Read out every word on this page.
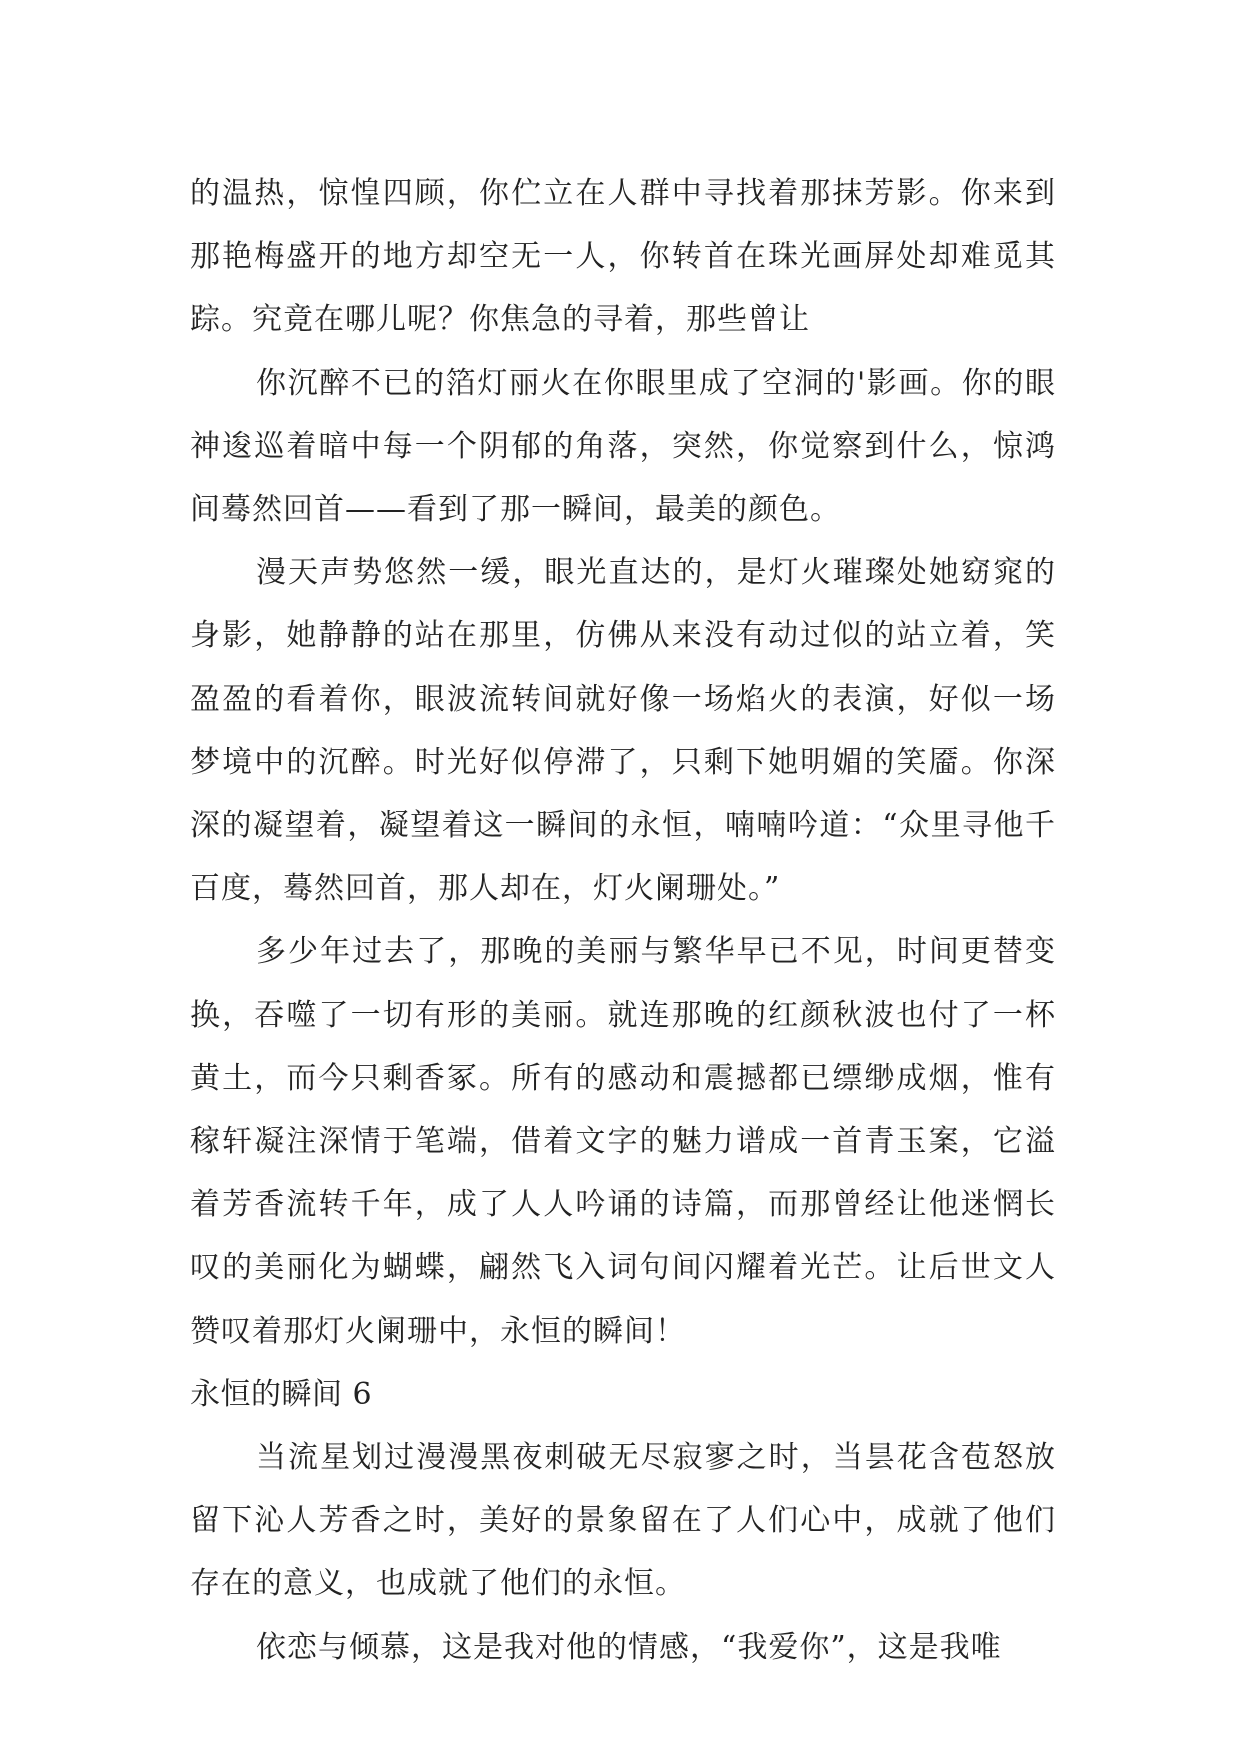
的温热，惊惶四顾，你伫立在人群中寻找着那抹芳影。你来到那艳梅盛开的地方却空无一人，你转首在珠光画屏处却难觅其踪。究竟在哪儿呢？你焦急的寻着，那些曾让

你沉醉不已的箔灯丽火在你眼里成了空洞的'影画。你的眼神逡巡着暗中每一个阴郁的角落，突然，你觉察到什么，惊鸿间蓦然回首——看到了那一瞬间，最美的颜色。

漫天声势悠然一缓，眼光直达的，是灯火璀璨处她窈窕的身影，她静静的站在那里，仿佛从来没有动过似的站立着，笑盈盈的看着你，眼波流转间就好像一场焰火的表演，好似一场梦境中的沉醉。时光好似停滞了，只剩下她明媚的笑靥。你深深的凝望着，凝望着这一瞬间的永恒，喃喃吟道：“众里寻他千百度，蓦然回首，那人却在，灯火阑珊处。”

多少年过去了，那晚的美丽与繁华早已不见，时间更替变换，吞噬了一切有形的美丽。就连那晚的红颜秋波也付了一杯黄土，而今只剩香冢。所有的感动和震撼都已缥缈成烟，惟有稼轩凝注深情于笔端，借着文字的魅力谱成一首青玉案，它溢着芳香流转千年，成了人人吟诵的诗篇，而那曾经让他迷惘长叹的美丽化为蝴蝶，翩然飞入词句间闪耀着光芒。让后世文人赞叹着那灯火阑珊中，永恒的瞬间！

永恒的瞬间 6

当流星划过漫漫黑夜刺破无尽寂寥之时，当昙花含苞怒放留下沁人芳香之时，美好的景象留在了人们心中，成就了他们存在的意义，也成就了他们的永恒。

依恋与倾慕，这是我对他的情感，“我爱你”，这是我唯
